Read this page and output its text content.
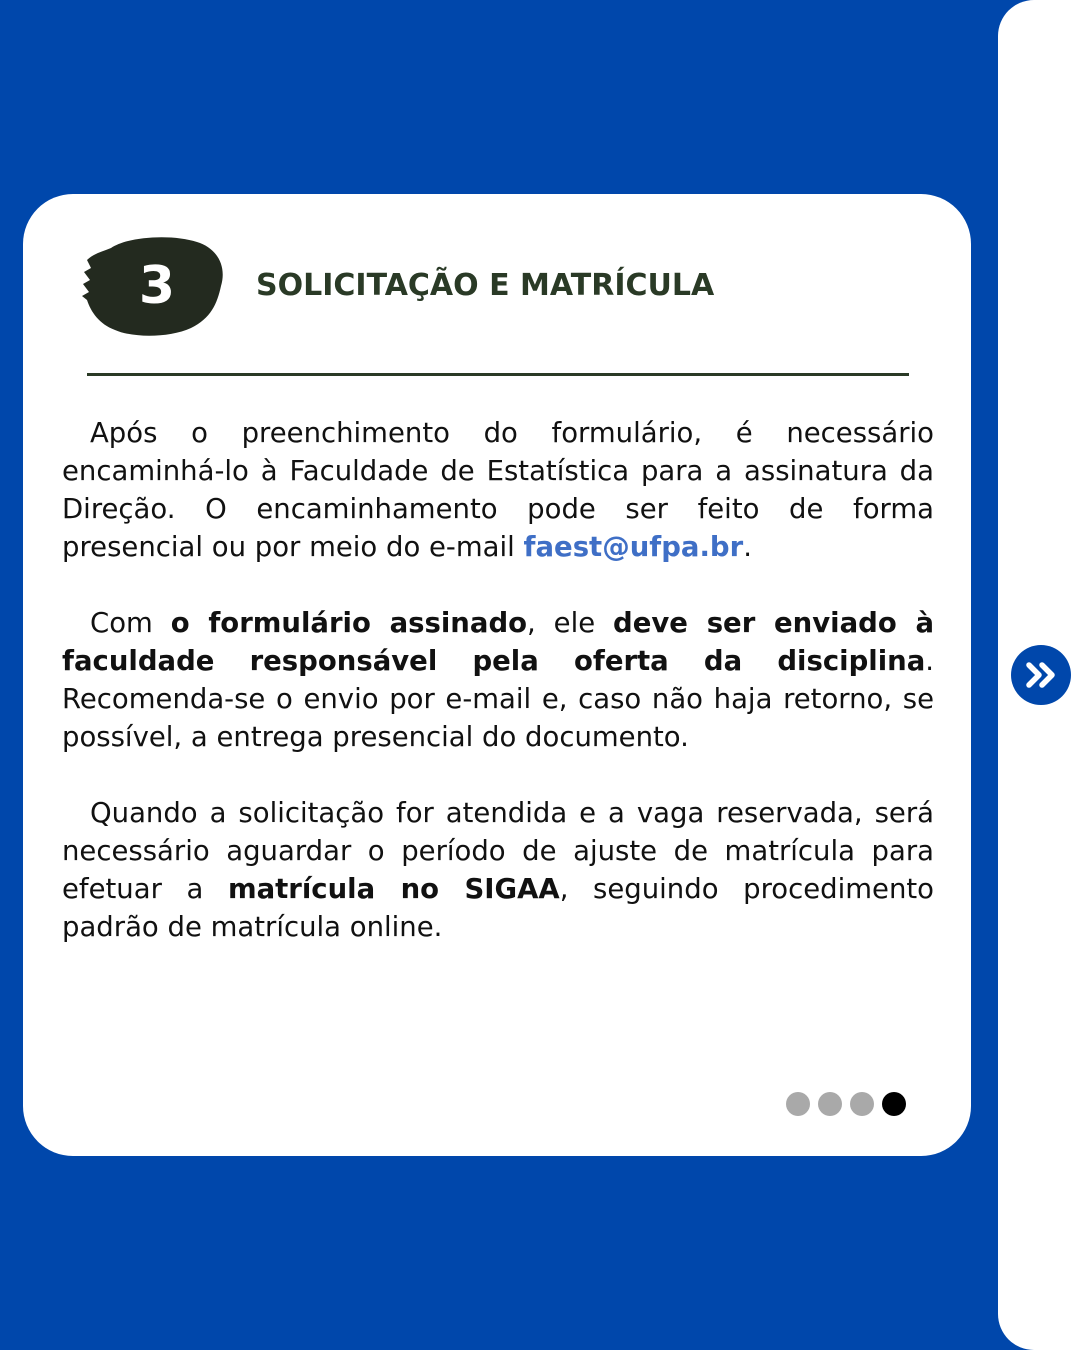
3	SOLICITAÇÃO E MATRÍCULA

Após o preenchimento do formulário, é necessário encaminhá-lo à Faculdade de Estatística para a assinatura da Direção. O encaminhamento pode ser feito de forma presencial ou por meio do e-mail faest@ufpa.br.

Com o formulário assinado, ele deve ser enviado à faculdade responsável pela oferta da disciplina. Recomenda-se o envio por e-mail e, caso não haja retorno, se possível, a entrega presencial do documento.

Quando a solicitação for atendida e a vaga reservada, será necessário aguardar o período de ajuste de matrícula para efetuar a matrícula no SIGAA, seguindo procedimento padrão de matrícula online.
